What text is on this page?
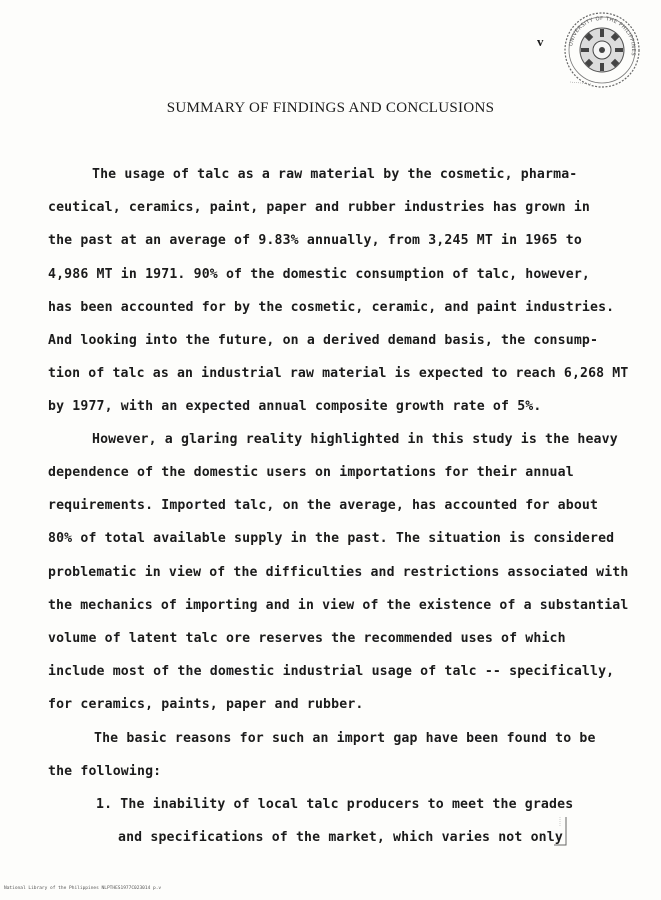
v	UNIVERSITY OF THE PHILIPPINES
SUMMARY OF FINDINGS AND CONCLUSIONS
The usage of talc as a raw material by the cosmetic, pharma-
ceutical, ceramics, paint, paper and rubber industries has grown in
the past at an average of 9.83% annually, from 3,245 MT in 1965 to
4,986 MT in 1971. 90% of the domestic consumption of talc, however,
has been accounted for by the cosmetic, ceramic, and paint industries.
And looking into the future, on a derived demand basis, the consump-
tion of talc as an industrial raw material is expected to reach 6,268 MT
by 1977, with an expected annual composite growth rate of 5%.
However, a glaring reality highlighted in this study is the heavy
dependence of the domestic users on importations for their annual
requirements. Imported talc, on the average, has accounted for about
80% of total available supply in the past. The situation is considered
problematic in view of the difficulties and restrictions associated with
the mechanics of importing and in view of the existence of a substantial
volume of latent talc ore reserves the recommended uses of which
include most of the domestic industrial usage of talc -- specifically,
for ceramics, paints, paper and rubber.
The basic reasons for such an import gap have been found to be
the following:
1. The inability of local talc producers to meet the grades
and specifications of the market, which varies not only
National Library of the Philippines NLPTHES1977C023014 p.v
